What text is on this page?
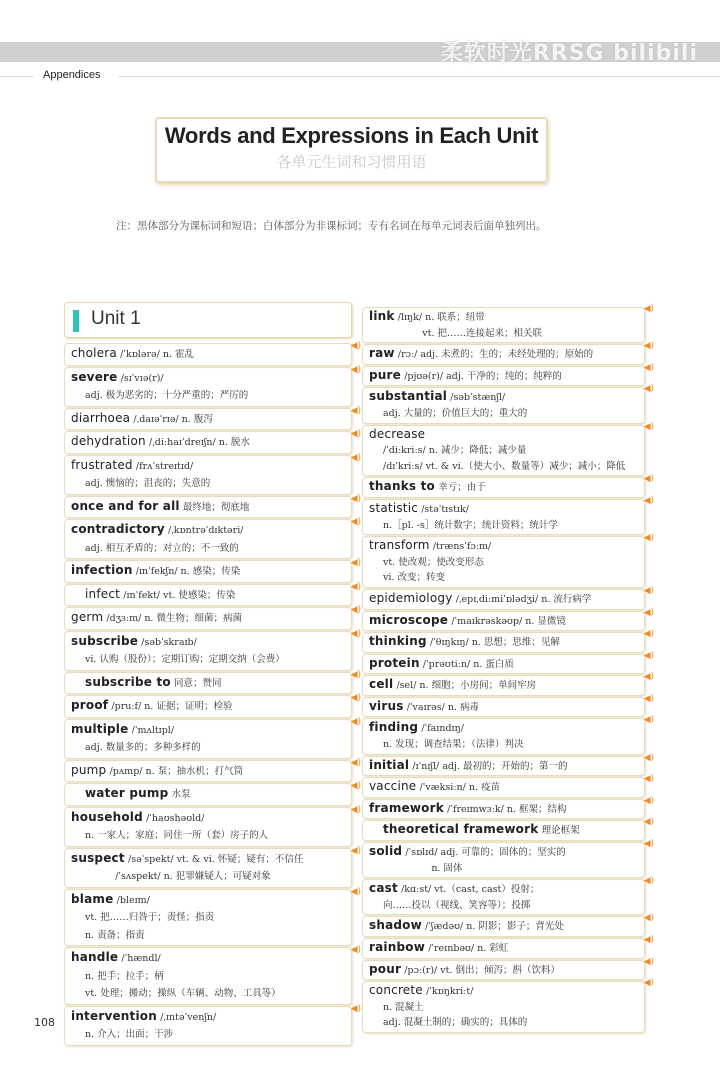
柔软时光RRSG bilibili
Appendices
Words and Expressions in Each Unit
各单元生词和习惯用语
注：黑体部分为课标词和短语；白体部分为非课标词；专有名词在每单元词表后面单独列出。
Unit 1
◀)
cholera /ˈkɒlərə/ n. 霍乱
◀)
severe /sɪˈvɪə(r)/
adj. 极为恶劣的；十分严重的；严厉的
◀)
diarrhoea /ˌdaɪəˈrɪə/ n. 腹泻
◀)
dehydration /ˌdiːhaɪˈdreɪʃn/ n. 脱水
◀)
frustrated /frʌˈstreɪtɪd/
adj. 懊恼的；沮丧的；失意的
◀)
once and for all 最终地；彻底地
◀)
contradictory /ˌkɒntrəˈdɪktəri/
adj. 相互矛盾的；对立的；不一致的
◀)
infection /ɪnˈfekʃn/ n. 感染；传染
◀)
infect /ɪnˈfekt/ vt. 使感染；传染
◀)
germ /dʒɜːm/ n. 微生物；细菌；病菌
◀)
subscribe /səbˈskraɪb/
vi. 认购（股份）；定期订购；定期交纳（会费）
◀)
subscribe to 同意；赞同
◀)
proof /pruːf/ n. 证据；证明；检验
◀)
multiple /ˈmʌltɪpl/
adj. 数量多的；多种多样的
◀)
pump /pʌmp/ n. 泵；抽水机；打气筒
◀)
water pump 水泵
◀)
household /ˈhaʊshəʊld/
n. 一家人；家庭；同住一所（套）房子的人
◀)
suspect /səˈspekt/ vt. & vi. 怀疑；疑有；不信任
/ˈsʌspekt/ n. 犯罪嫌疑人；可疑对象
◀)
blame /bleɪm/
vt. 把……归咎于；责怪；指责
n. 责备；指责
◀)
handle /ˈhændl/
n. 把手；拉手；柄
vt. 处理；搬动；操纵（车辆、动物、工具等）
◀)
intervention /ˌɪntəˈvenʃn/
n. 介入；出面；干涉
◀)
link /lɪŋk/ n. 联系；纽带
vt. 把……连接起来；相关联
◀)
raw /rɔː/ adj. 未煮的；生的；未经处理的；原始的
◀)
pure /pjʊə(r)/ adj. 干净的；纯的；纯粹的
◀)
substantial /səbˈstænʃl/
adj. 大量的；价值巨大的；重大的
◀)
decrease
/ˈdiːkriːs/ n. 减少；降低；减少量
/dɪˈkriːs/ vt. & vi.（使大小、数量等）减少；减小；降低
◀)
thanks to 幸亏；由于
◀)
statistic /stəˈtɪstɪk/
n.［pl. -s］统计数字；统计资料；统计学
◀)
transform /trænsˈfɔːm/
vt. 使改观；使改变形态
vi. 改变；转变
◀)
epidemiology /ˌepɪˌdiːmiˈɒlədʒi/ n. 流行病学
◀)
microscope /ˈmaɪkrəskəʊp/ n. 显微镜
◀)
thinking /ˈθɪŋkɪŋ/ n. 思想；思维；见解
◀)
protein /ˈprəʊtiːn/ n. 蛋白质
◀)
cell /sel/ n. 细胞；小房间；单间牢房
◀)
virus /ˈvaɪrəs/ n. 病毒
◀)
finding /ˈfaɪndɪŋ/
n. 发现；调查结果；（法律）判决
◀)
initial /ɪˈnɪʃl/ adj. 最初的；开始的；第一的
◀)
vaccine /ˈvæksiːn/ n. 疫苗
◀)
framework /ˈfreɪmwɜːk/ n. 框架；结构
◀)
theoretical framework 理论框架
◀)
solid /ˈsɒlɪd/ adj. 可靠的；固体的；坚实的
n. 固体
◀)
cast /kɑːst/ vt.（cast, cast）投射；
向……投以（视线、笑容等）；投掷
◀)
shadow /ˈʃædəʊ/ n. 阴影；影子；背光处
◀)
rainbow /ˈreɪnbəʊ/ n. 彩虹
◀)
pour /pɔː(r)/ vt. 倒出；倾泻；斟（饮料）
◀)
concrete /ˈkɒŋkriːt/
n. 混凝土
adj. 混凝土制的；确实的；具体的
108
